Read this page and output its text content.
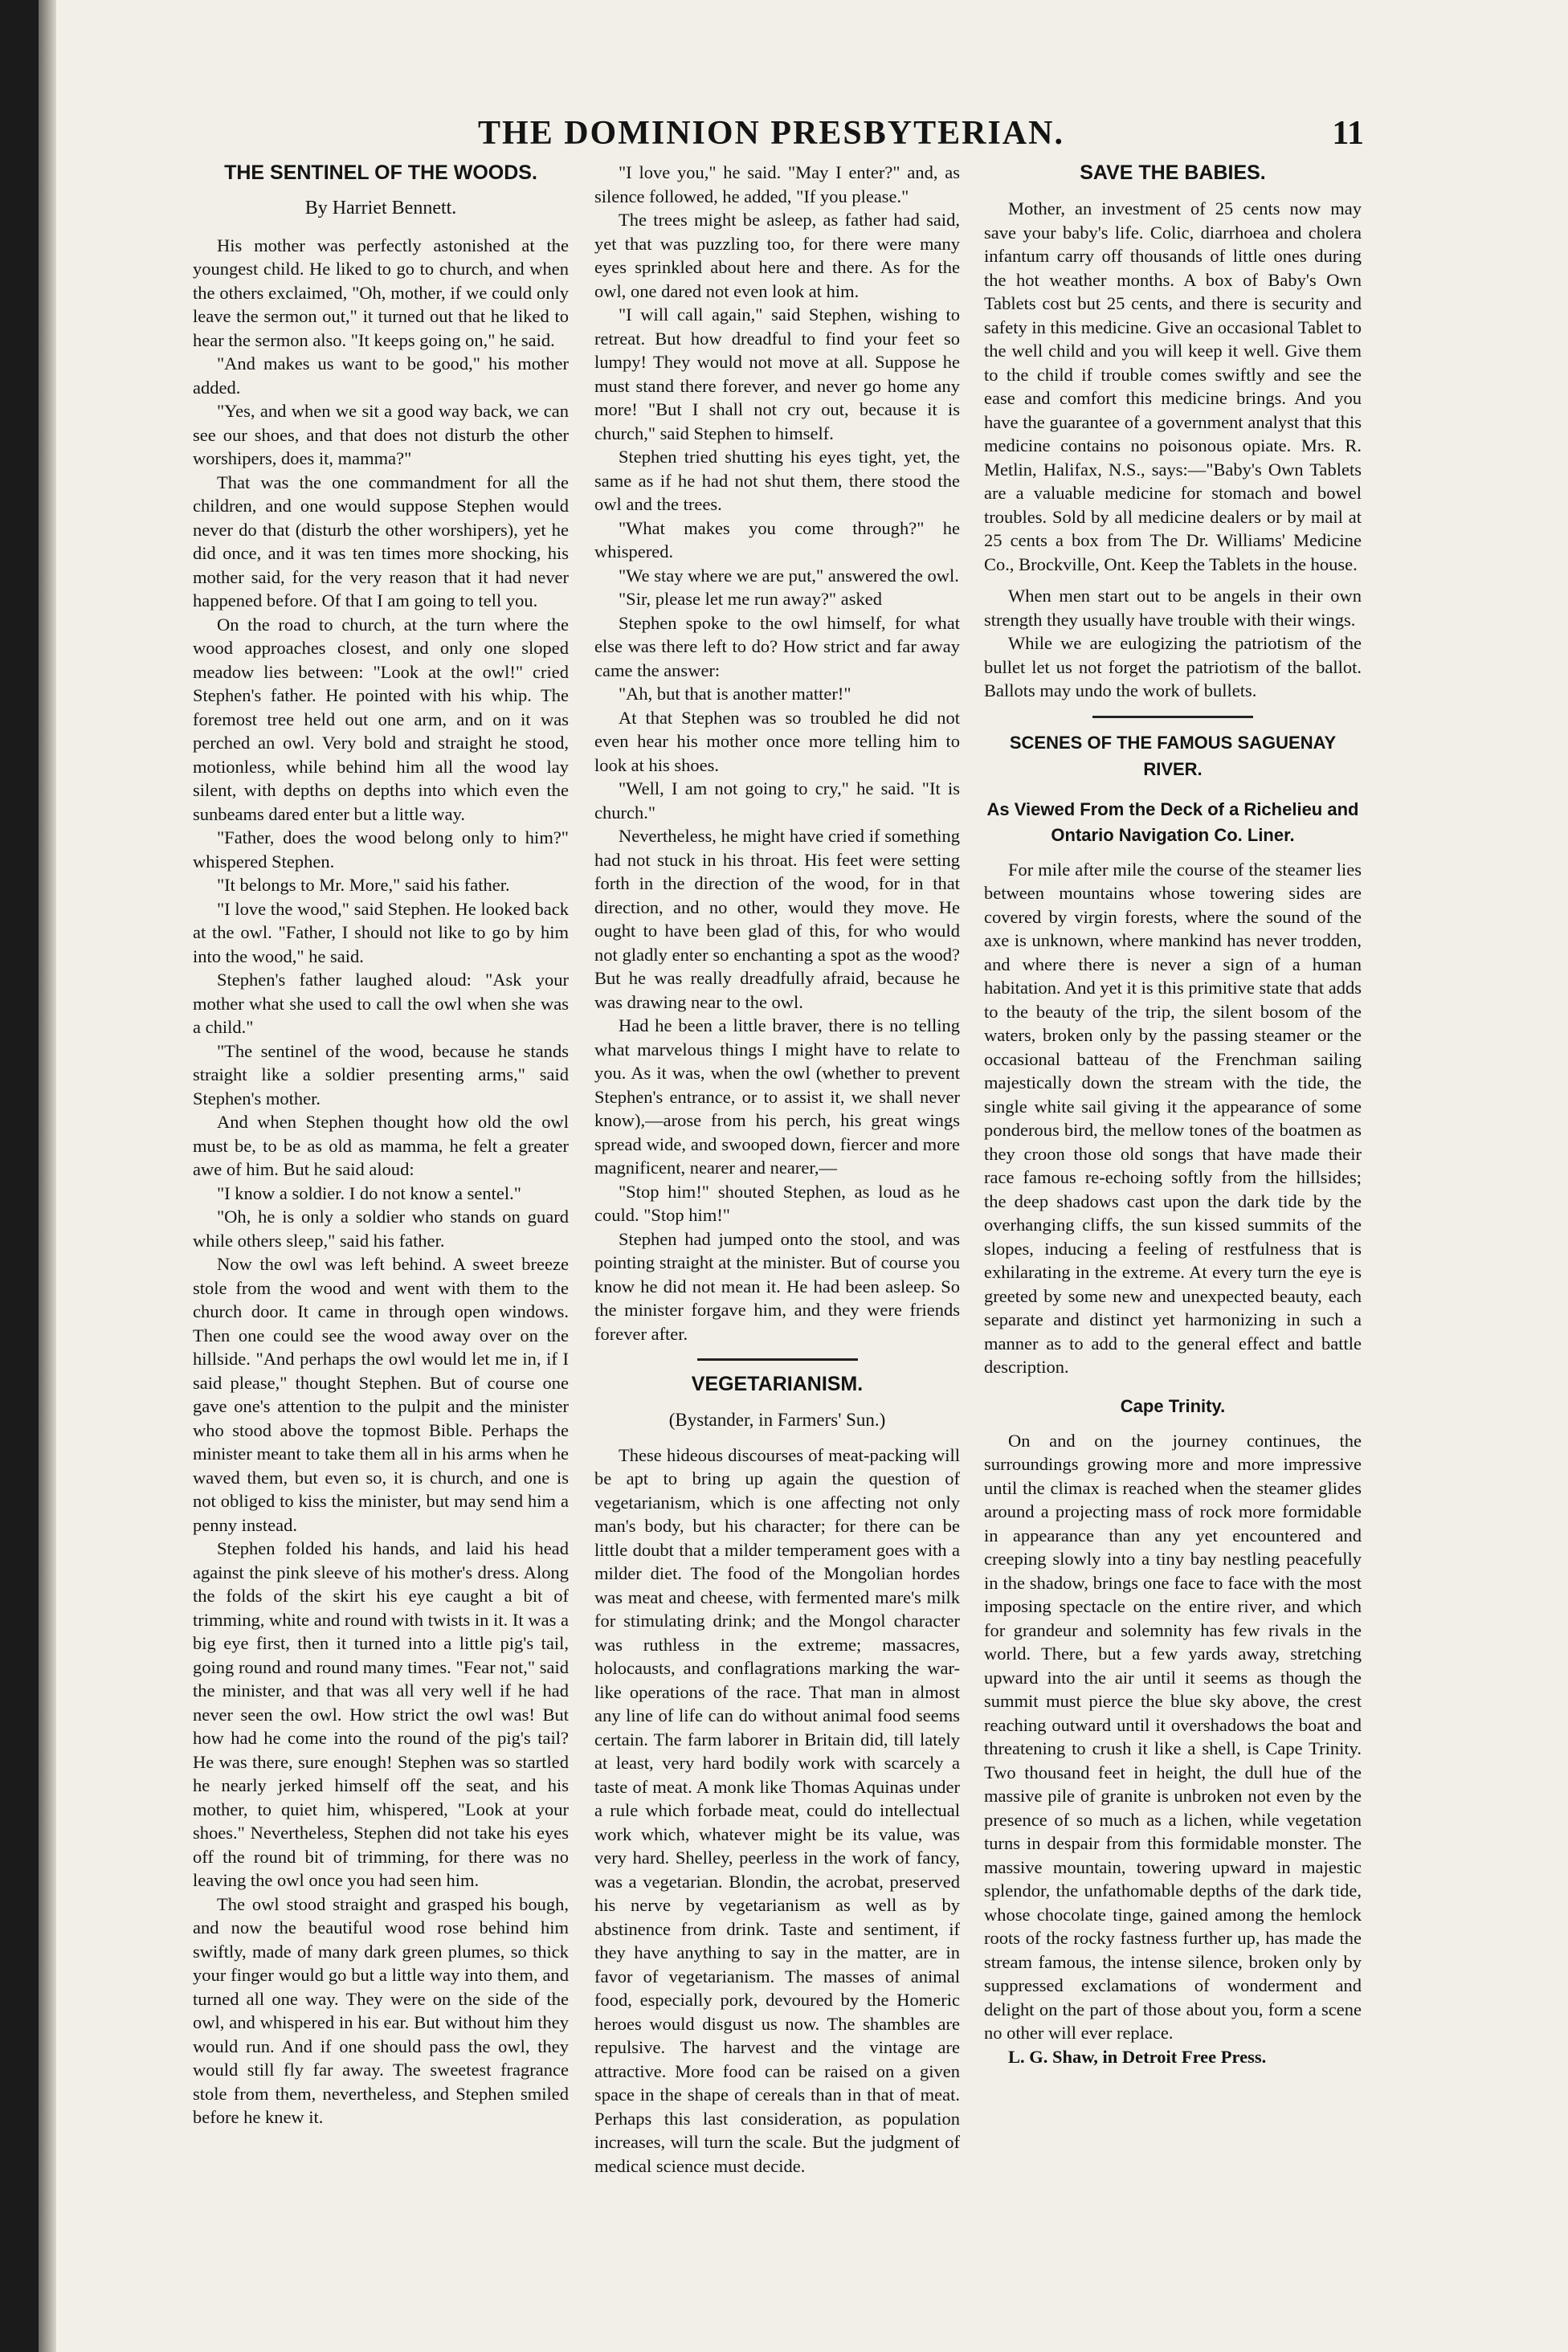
THE DOMINION PRESBYTERIAN.	11
THE SENTINEL OF THE WOODS.
By Harriet Bennett.

His mother was perfectly astonished at the youngest child. He liked to go to church, and when the others exclaimed, "Oh, mother, if we could only leave the sermon out," it turned out that he liked to hear the sermon also. "It keeps going on," he said.

"And makes us want to be good," his mother added.

"Yes, and when we sit a good way back, we can see our shoes, and that does not disturb the other worshipers, does it, mamma?"

That was the one commandment for all the children, and one would suppose Stephen would never do that (disturb the other worshipers), yet he did once, and it was ten times more shocking, his mother said, for the very reason that it had never happened before. Of that I am going to tell you.

On the road to church, at the turn where the wood approaches closest, and only one sloped meadow lies between: "Look at the owl!" cried Stephen's father. He pointed with his whip. The foremost tree held out one arm, and on it was perched an owl. Very bold and straight he stood, motionless, while behind him all the wood lay silent, with depths on depths into which even the sunbeams dared enter but a little way.

"Father, does the wood belong only to him?" whispered Stephen.

"It belongs to Mr. More," said his father.

"I love the wood," said Stephen. He looked back at the owl. "Father, I should not like to go by him into the wood," he said.

Stephen's father laughed aloud: "Ask your mother what she used to call the owl when she was a child."

"The sentinel of the wood, because he stands straight like a soldier presenting arms," said Stephen's mother.

And when Stephen thought how old the owl must be, to be as old as mamma, he felt a greater awe of him. But he said aloud:

"I know a soldier. I do not know a sentel."

"Oh, he is only a soldier who stands on guard while others sleep," said his father.

Now the owl was left behind. A sweet breeze stole from the wood and went with them to the church door. It came in through open windows. Then one could see the wood away over on the hillside. "And perhaps the owl would let me in, if I said please," thought Stephen. But of course one gave one's attention to the pulpit and the minister who stood above the topmost Bible. Perhaps the minister meant to take them all in his arms when he waved them, but even so, it is church, and one is not obliged to kiss the minister, but may send him a penny instead.

Stephen folded his hands, and laid his head against the pink sleeve of his mother's dress. Along the folds of the skirt his eye caught a bit of trimming, white and round with twists in it. It was a big eye first, then it turned into a little pig's tail, going round and round many times. "Fear not," said the minister, and that was all very well if he had never seen the owl. How strict the owl was! But how had he come into the round of the pig's tail? He was there, sure enough! Stephen was so startled he nearly jerked himself off the seat, and his mother, to quiet him, whispered, "Look at your shoes." Nevertheless, Stephen did not take his eyes off the round bit of trimming, for there was no leaving the owl once you had seen him.

The owl stood straight and grasped his bough, and now the beautiful wood rose behind him swiftly, made of many dark green plumes, so thick your finger would go but a little way into them, and turned all one way. They were on the side of the owl, and whispered in his ear. But without him they would run. And if one should pass the owl, they would still fly far away. The sweetest fragrance stole from them, nevertheless, and Stephen smiled before he knew it.

"I love you," he said. "May I enter?" and, as silence followed, he added, "If you please."

The trees might be asleep, as father had said, yet that was puzzling too, for there were many eyes sprinkled about here and there. As for the owl, one dared not even look at him.

"I will call again," said Stephen, wishing to retreat. But how dreadful to find your feet so lumpy! They would not move at all. Suppose he must stand there forever, and never go home any more! "But I shall not cry out, because it is church," said Stephen to himself.

Stephen tried shutting his eyes tight, yet, the same as if he had not shut them, there stood the owl and the trees.

"What makes you come through?" he whispered.

"We stay where we are put," answered the owl.

"Sir, please let me run away?" asked

Stephen spoke to the owl himself, for what else was there left to do? How strict and far away came the answer:

"Ah, but that is another matter!"

At that Stephen was so troubled he did not even hear his mother once more telling him to look at his shoes.

"Well, I am not going to cry," he said. "It is church."

Nevertheless, he might have cried if something had not stuck in his throat. His feet were setting forth in the direction of the wood, for in that direction, and no other, would they move. He ought to have been glad of this, for who would not gladly enter so enchanting a spot as the wood? But he was really dreadfully afraid, because he was drawing near to the owl.

Had he been a little braver, there is no telling what marvelous things I might have to relate to you. As it was, when the owl (whether to prevent Stephen's entrance, or to assist it, we shall never know),—arose from his perch, his great wings spread wide, and swooped down, fiercer and more magnificent, nearer and nearer,—

"Stop him!" shouted Stephen, as loud as he could. "Stop him!"

Stephen had jumped onto the stool, and was pointing straight at the minister. But of course you know he did not mean it. He had been asleep. So the minister forgave him, and they were friends forever after.

VEGETARIANISM.
(Bystander, in Farmers' Sun.)

These hideous discourses of meat-packing will be apt to bring up again the question of vegetarianism, which is one affecting not only man's body, but his character; for there can be little doubt that a milder temperament goes with a milder diet. The food of the Mongolian hordes was meat and cheese, with fermented mare's milk for stimulating drink; and the Mongol character was ruthless in the extreme; massacres, holocausts, and conflagrations marking the war-like operations of the race. That man in almost any line of life can do without animal food seems certain. The farm laborer in Britain did, till lately at least, very hard bodily work with scarcely a taste of meat. A monk like Thomas Aquinas under a rule which forbade meat, could do intellectual work which, whatever might be its value, was very hard. Shelley, peerless in the work of fancy, was a vegetarian. Blondin, the acrobat, preserved his nerve by vegetarianism as well as by abstinence from drink. Taste and sentiment, if they have anything to say in the matter, are in favor of vegetarianism. The masses of animal food, especially pork, devoured by the Homeric heroes would disgust us now. The shambles are repulsive. The harvest and the vintage are attractive. More food can be raised on a given space in the shape of cereals than in that of meat. Perhaps this last consideration, as population increases, will turn the scale. But the judgment of medical science must decide.

SAVE THE BABIES.

Mother, an investment of 25 cents now may save your baby's life. Colic, diarrhoea and cholera infantum carry off thousands of little ones during the hot weather months. A box of Baby's Own Tablets cost but 25 cents, and there is security and safety in this medicine. Give an occasional Tablet to the well child and you will keep it well. Give them to the child if trouble comes swiftly and see the ease and comfort this medicine brings. And you have the guarantee of a government analyst that this medicine contains no poisonous opiate. Mrs. R. Metlin, Halifax, N.S., says:—"Baby's Own Tablets are a valuable medicine for stomach and bowel troubles. Sold by all medicine dealers or by mail at 25 cents a box from The Dr. Williams' Medicine Co., Brockville, Ont. Keep the Tablets in the house.

When men start out to be angels in their own strength they usually have trouble with their wings.

While we are eulogizing the patriotism of the bullet let us not forget the patriotism of the ballot. Ballots may undo the work of bullets.

SCENES OF THE FAMOUS SAGUENAY RIVER.
As Viewed From the Deck of a Richelieu and Ontario Navigation Co. Liner.

For mile after mile the course of the steamer lies between mountains whose towering sides are covered by virgin forests, where the sound of the axe is unknown, where mankind has never trodden, and where there is never a sign of a human habitation. And yet it is this primitive state that adds to the beauty of the trip, the silent bosom of the waters, broken only by the passing steamer or the occasional batteau of the Frenchman sailing majestically down the stream with the tide, the single white sail giving it the appearance of some ponderous bird, the mellow tones of the boatmen as they croon those old songs that have made their race famous re-echoing softly from the hillsides; the deep shadows cast upon the dark tide by the overhanging cliffs, the sun kissed summits of the slopes, inducing a feeling of restfulness that is exhilarating in the extreme. At every turn the eye is greeted by some new and unexpected beauty, each separate and distinct yet harmonizing in such a manner as to add to the general effect and battle description.

Cape Trinity.

On and on the journey continues, the surroundings growing more and more impressive until the climax is reached when the steamer glides around a projecting mass of rock more formidable in appearance than any yet encountered and creeping slowly into a tiny bay nestling peacefully in the shadow, brings one face to face with the most imposing spectacle on the entire river, and which for grandeur and solemnity has few rivals in the world. There, but a few yards away, stretching upward into the air until it seems as though the summit must pierce the blue sky above, the crest reaching outward until it overshadows the boat and threatening to crush it like a shell, is Cape Trinity. Two thousand feet in height, the dull hue of the massive pile of granite is unbroken not even by the presence of so much as a lichen, while vegetation turns in despair from this formidable monster. The massive mountain, towering upward in majestic splendor, the unfathomable depths of the dark tide, whose chocolate tinge, gained among the hemlock roots of the rocky fastness further up, has made the stream famous, the intense silence, broken only by suppressed exclamations of wonderment and delight on the part of those about you, form a scene no other will ever replace.

L. G. Shaw, in Detroit Free Press.
